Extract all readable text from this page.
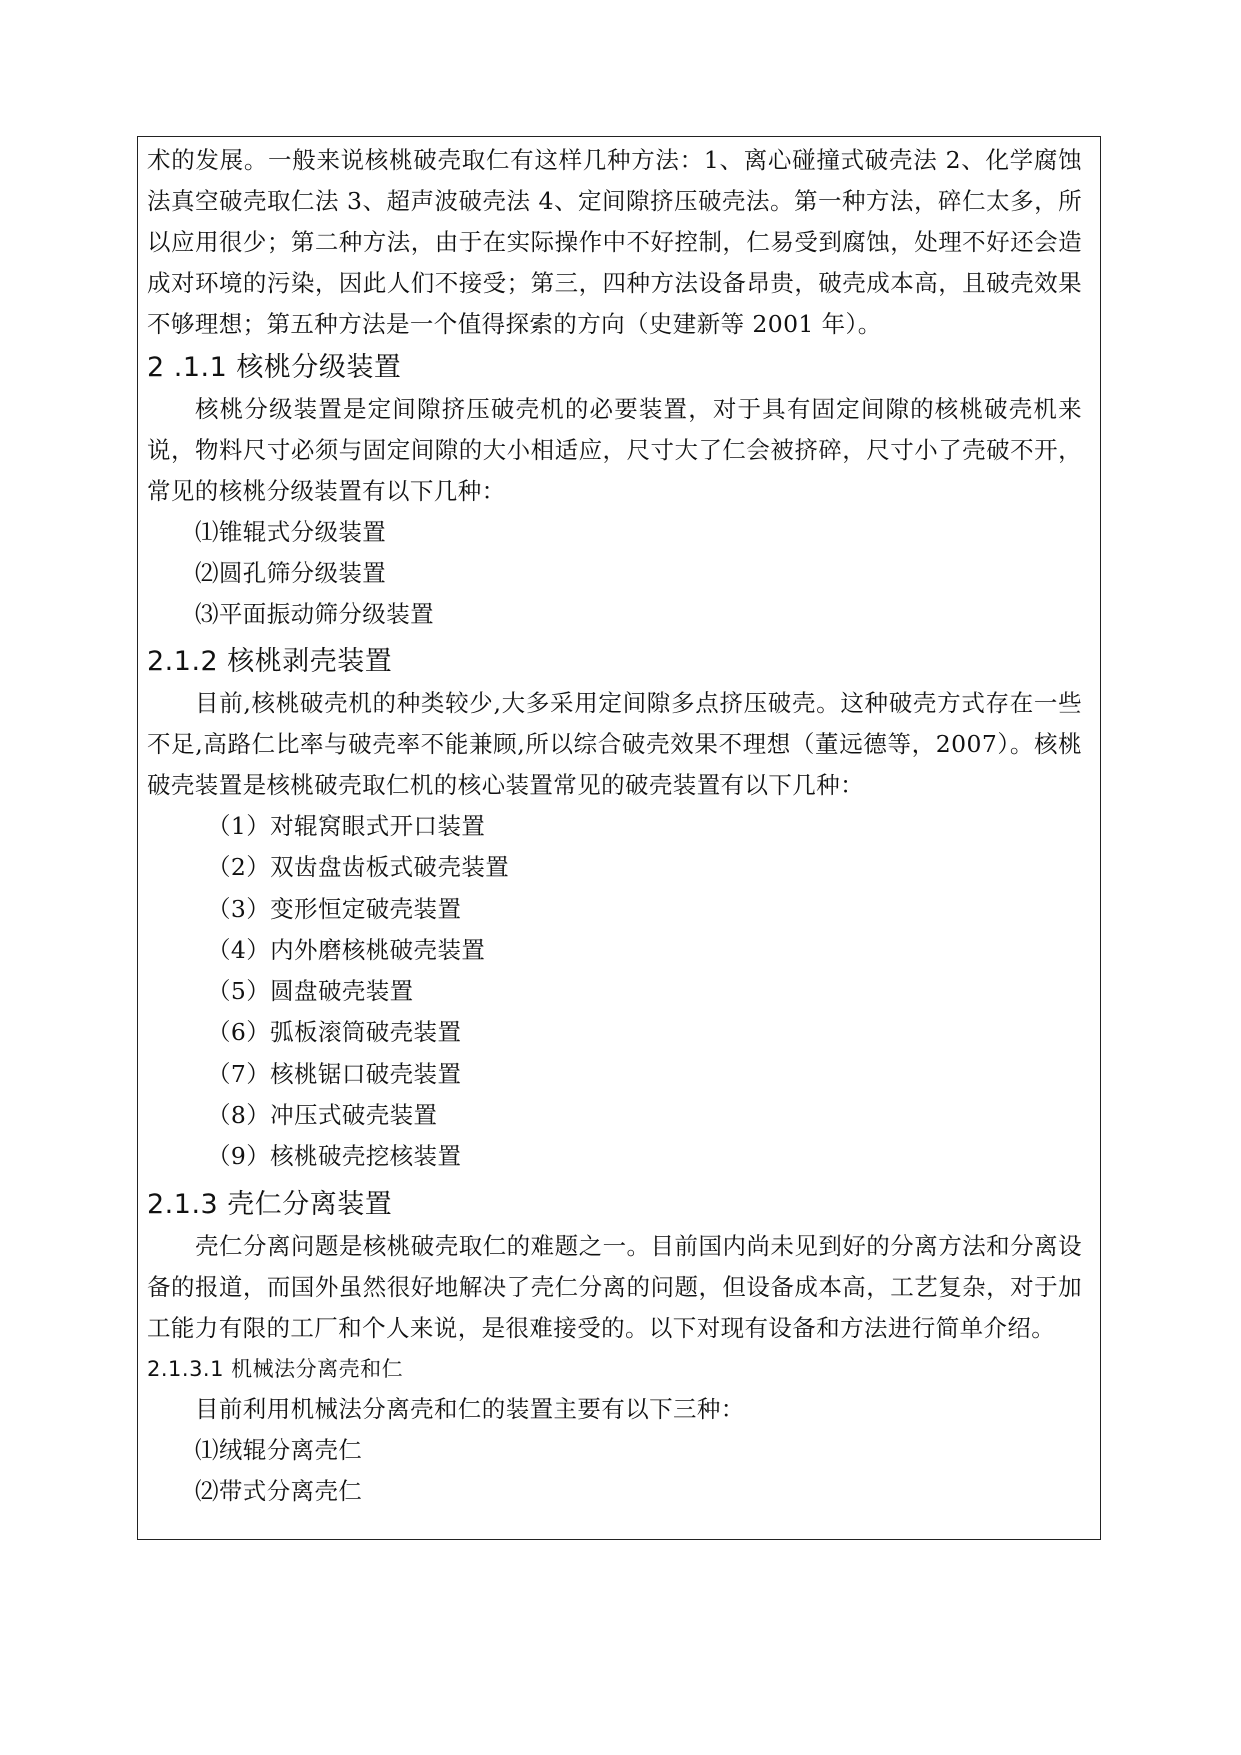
术的发展。一般来说核桃破壳取仁有这样几种方法：1、离心碰撞式破壳法 2、化学腐蚀法真空破壳取仁法 3、超声波破壳法 4、定间隙挤压破壳法。第一种方法，碎仁太多，所以应用很少；第二种方法，由于在实际操作中不好控制，仁易受到腐蚀，处理不好还会造成对环境的污染，因此人们不接受；第三，四种方法设备昂贵，破壳成本高，且破壳效果不够理想；第五种方法是一个值得探索的方向（史建新等 2001 年）。

2 .1.1 核桃分级装置

核桃分级装置是定间隙挤压破壳机的必要装置，对于具有固定间隙的核桃破壳机来说，物料尺寸必须与固定间隙的大小相适应，尺寸大了仁会被挤碎，尺寸小了壳破不开，常见的核桃分级装置有以下几种：

⑴锥辊式分级装置
⑵圆孔筛分级装置
⑶平面振动筛分级装置
2.1.2 核桃剥壳装置

目前,核桃破壳机的种类较少,大多采用定间隙多点挤压破壳。这种破壳方式存在一些不足,高路仁比率与破壳率不能兼顾,所以综合破壳效果不理想（董远德等，2007）。核桃破壳装置是核桃破壳取仁机的核心装置常见的破壳装置有以下几种：

（1）对辊窝眼式开口装置
（2）双齿盘齿板式破壳装置
（3）变形恒定破壳装置
（4）内外磨核桃破壳装置
（5）圆盘破壳装置
（6）弧板滚筒破壳装置
（7）核桃锯口破壳装置
（8）冲压式破壳装置
（9）核桃破壳挖核装置
2.1.3 壳仁分离装置

壳仁分离问题是核桃破壳取仁的难题之一。目前国内尚未见到好的分离方法和分离设备的报道，而国外虽然很好地解决了壳仁分离的问题，但设备成本高，工艺复杂，对于加工能力有限的工厂和个人来说，是很难接受的。以下对现有设备和方法进行简单介绍。

2.1.3.1 机械法分离壳和仁

目前利用机械法分离壳和仁的装置主要有以下三种：

⑴绒辊分离壳仁
⑵带式分离壳仁
